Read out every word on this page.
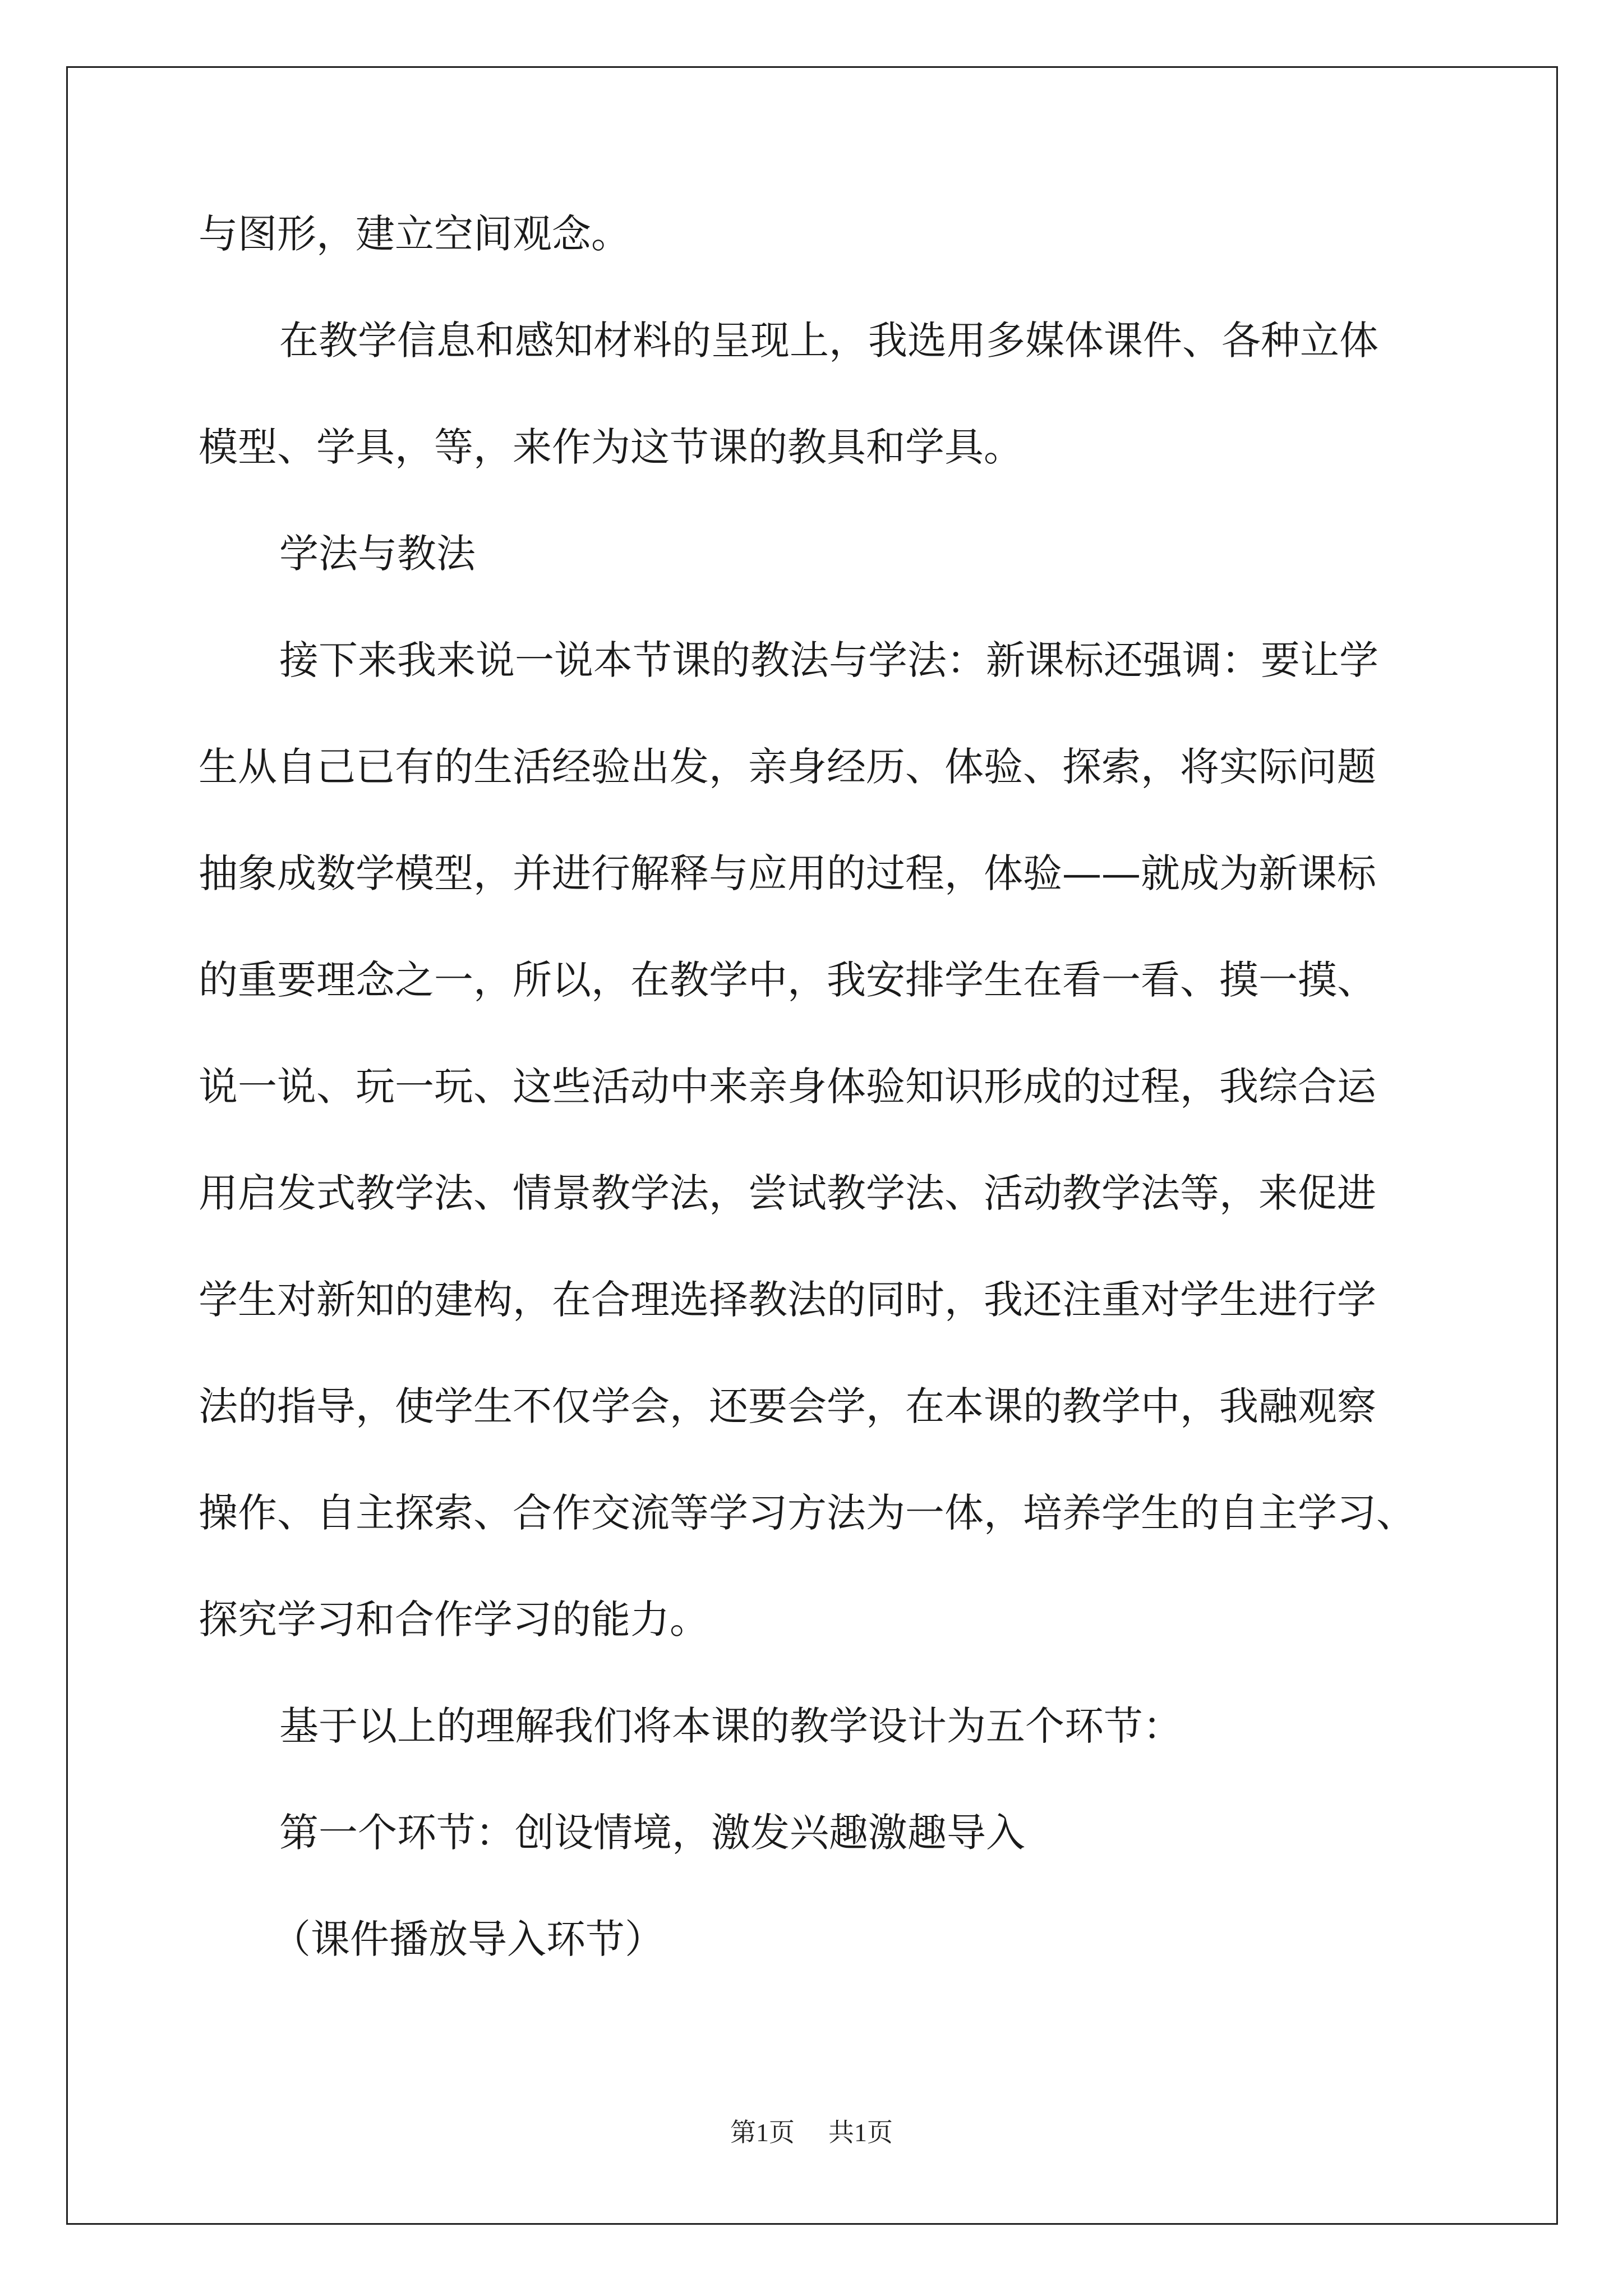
与图形，建立空间观念。
在教学信息和感知材料的呈现上，我选用多媒体课件、各种立体
模型、学具，等，来作为这节课的教具和学具。
学法与教法
接下来我来说一说本节课的教法与学法：新课标还强调：要让学
生从自己已有的生活经验出发，亲身经历、体验、探索，将实际问题
抽象成数学模型，并进行解释与应用的过程，体验——就成为新课标
的重要理念之一，所以，在教学中，我安排学生在看一看、摸一摸、
说一说、玩一玩、这些活动中来亲身体验知识形成的过程，我综合运
用启发式教学法、情景教学法，尝试教学法、活动教学法等，来促进
学生对新知的建构，在合理选择教法的同时，我还注重对学生进行学
法的指导，使学生不仅学会，还要会学，在本课的教学中，我融观察
操作、自主探索、合作交流等学习方法为一体，培养学生的自主学习、
探究学习和合作学习的能力。
基于以上的理解我们将本课的教学设计为五个环节：
第一个环节：创设情境，激发兴趣激趣导入
（课件播放导入环节）
第1页 共1页
